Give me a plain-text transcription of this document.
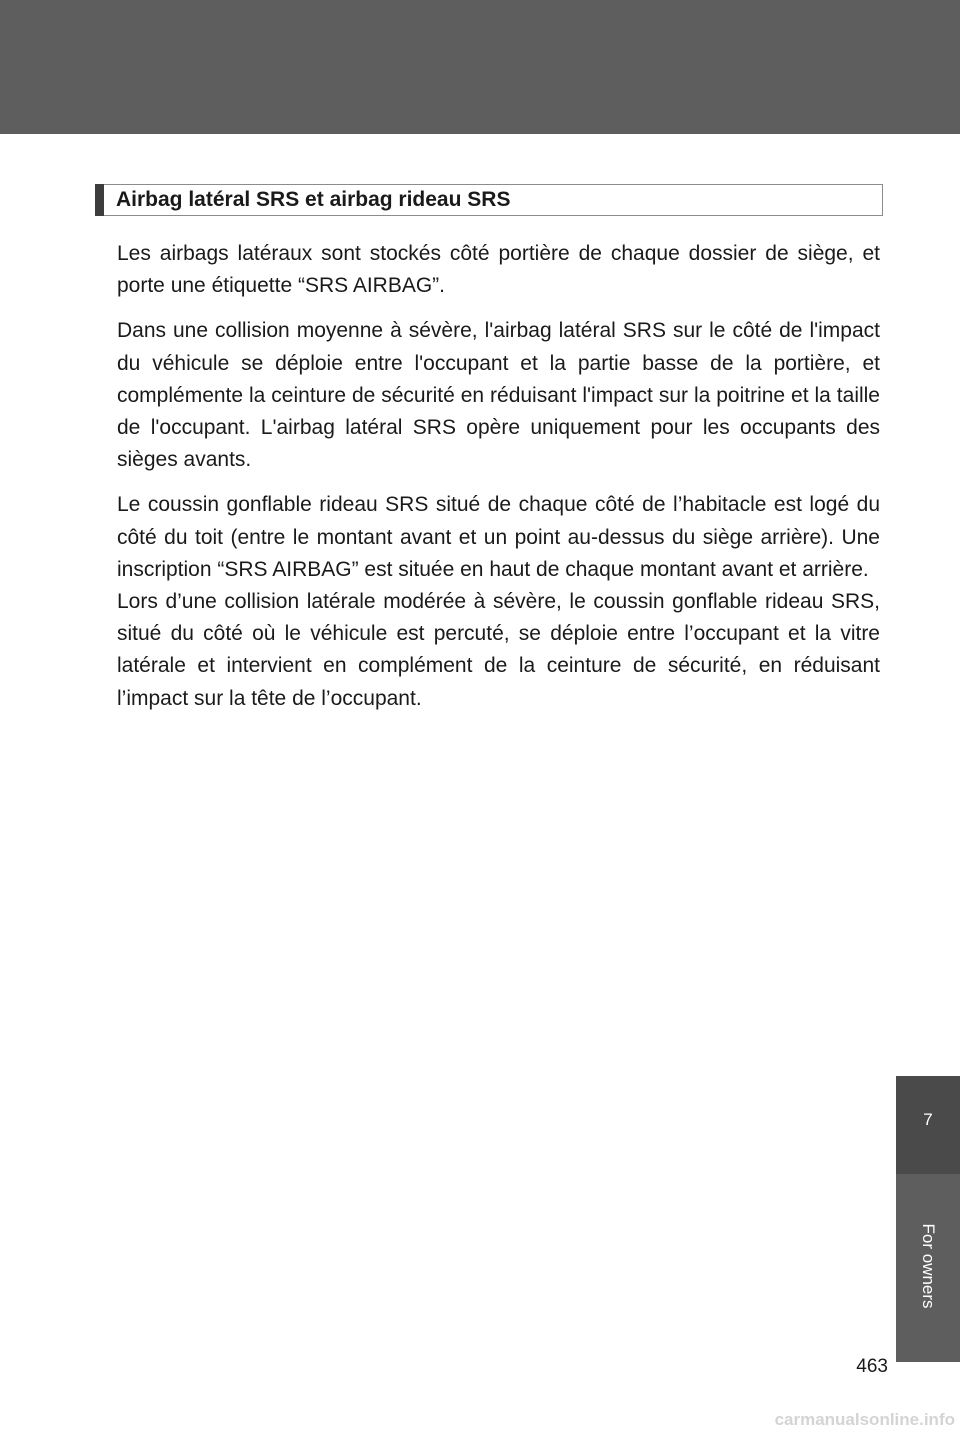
Airbag latéral SRS et airbag rideau SRS

Les airbags latéraux sont stockés côté portière de chaque dossier de siège, et porte une étiquette “SRS AIRBAG”.

Dans une collision moyenne à sévère, l'airbag latéral SRS sur le côté de l'impact du véhicule se déploie entre l'occupant et la partie basse de la portière, et complémente la ceinture de sécurité en réduisant l'impact sur la poitrine et la taille de l'occupant. L'airbag latéral SRS opère uniquement pour les occupants des sièges avants.

Le coussin gonflable rideau SRS situé de chaque côté de l’habitacle est logé du côté du toit (entre le montant avant et un point au-dessus du siège arrière). Une inscription “SRS AIRBAG” est située en haut de chaque montant avant et arrière.

Lors d’une collision latérale modérée à sévère, le coussin gonflable rideau SRS, situé du côté où le véhicule est percuté, se déploie entre l’occupant et la vitre latérale et intervient en complément de la ceinture de sécurité, en réduisant l’impact sur la tête de l’occupant.

7
For owners
463
carmanualsonline.info
